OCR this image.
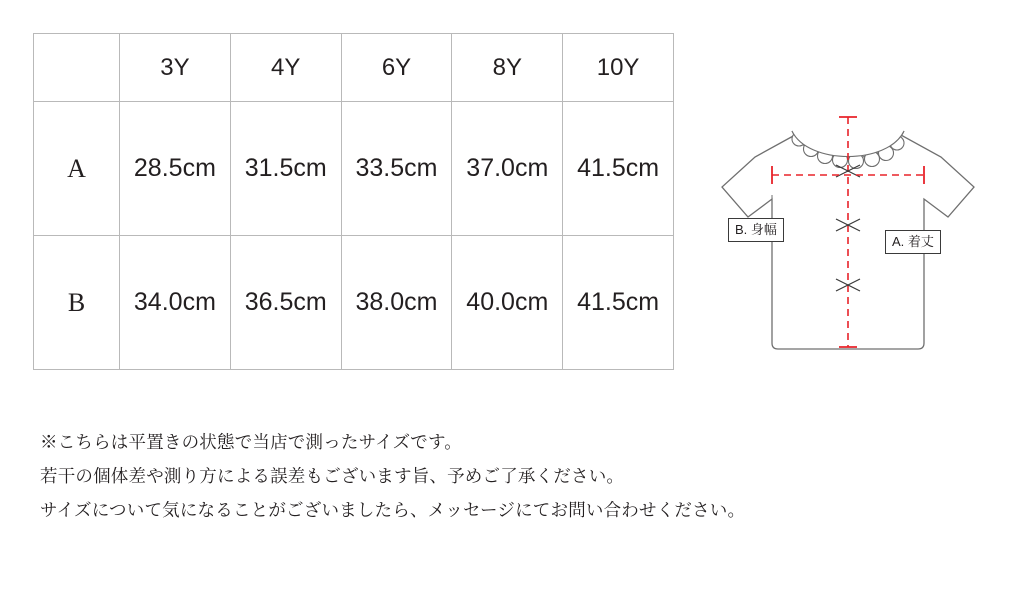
	3Y	4Y	6Y	8Y	10Y
A	28.5cm	31.5cm	33.5cm	37.0cm	41.5cm
B	34.0cm	36.5cm	38.0cm	40.0cm	41.5cm
B. 身幅
A. 着丈
※こちらは平置きの状態で当店で測ったサイズです。
若干の個体差や測り方による誤差もございます旨、予めご了承ください。
サイズについて気になることがございましたら、メッセージにてお問い合わせください。
